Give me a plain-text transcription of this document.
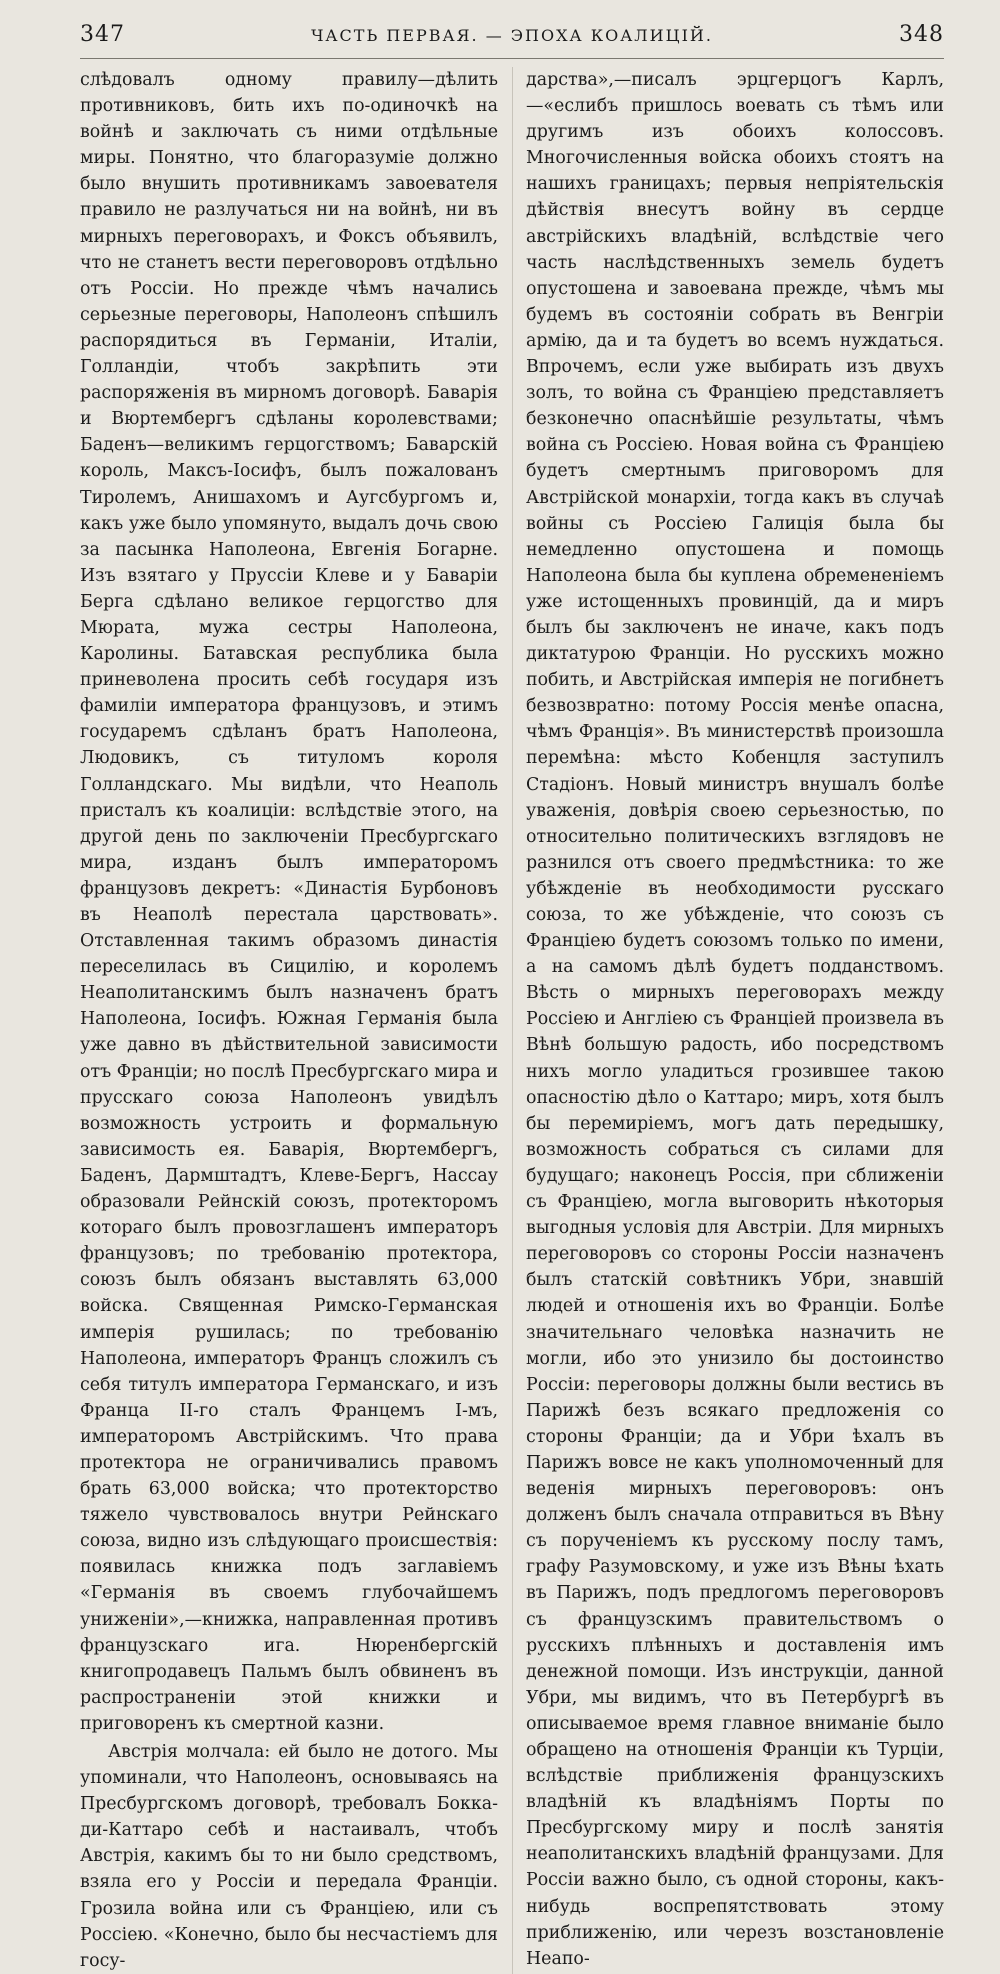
347	ЧАСТЬ ПЕРВАЯ. — ЭПОХА КОАЛИЦІЙ.	348

слѣдовалъ одному правилу—дѣлить противниковъ, бить ихъ по-одиночкѣ на войнѣ и заключать съ ними отдѣльные миры. Понятно, что благоразуміе должно было внушить противникамъ завоевателя правило не разлучаться ни на войнѣ, ни въ мирныхъ переговорахъ, и Фоксъ объявилъ, что не станетъ вести переговоровъ отдѣльно отъ Россіи. Но прежде чѣмъ начались серьезные переговоры, Наполеонъ спѣшилъ распорядиться въ Германіи, Италіи, Голландіи, чтобъ закрѣпить эти распоряженія въ мирномъ договорѣ. Баварія и Вюртембергъ сдѣланы королевствами; Баденъ—великимъ герцогствомъ; Баварскій король, Максъ-Іосифъ, былъ пожалованъ Тиролемъ, Анишахомъ и Аугсбургомъ и, какъ уже было упомянуто, выдалъ дочь свою за пасынка Наполеона, Евгенія Богарне. Изъ взятаго у Пруссіи Клеве и у Баваріи Берга сдѣлано великое герцогство для Мюрата, мужа сестры Наполеона, Каролины. Батавская республика была приневолена просить себѣ государя изъ фамиліи императора французовъ, и этимъ государемъ сдѣланъ братъ Наполеона, Людовикъ, съ титуломъ короля Голландскаго. Мы видѣли, что Неаполь присталъ къ коалиціи: вслѣдствіе этого, на другой день по заключеніи Пресбургскаго мира, изданъ былъ императоромъ французовъ декретъ: «Династія Бурбоновъ въ Неаполѣ перестала царствовать». Отставленная такимъ образомъ династія переселилась въ Сицилію, и королемъ Неаполитанскимъ былъ назначенъ братъ Наполеона, Іосифъ. Южная Германія была уже давно въ дѣйствительной зависимости отъ Франціи; но послѣ Пресбургскаго мира и прусскаго союза Наполеонъ увидѣлъ возможность устроить и формальную зависимость ея. Баварія, Вюртембергъ, Баденъ, Дармштадтъ, Клеве-Бергъ, Нассау образовали Рейнскій союзъ, протекторомъ котораго былъ провозглашенъ императоръ французовъ; по требованію протектора, союзъ былъ обязанъ выставлять 63,000 войска. Священная Римско-Германская имперія рушилась; по требованію Наполеона, императоръ Францъ сложилъ съ себя титулъ императора Германскаго, и изъ Франца II-го сталъ Францемъ I-мъ, императоромъ Австрійскимъ. Что права протектора не ограничивались правомъ брать 63,000 войска; что протекторство тяжело чувствовалось внутри Рейнскаго союза, видно изъ слѣдующаго происшествія: появилась книжка подъ заглавіемъ «Германія въ своемъ глубочайшемъ униженіи»,—книжка, направленная противъ французскаго ига. Нюренбергскій книгопродавецъ Пальмъ былъ обвиненъ въ распространеніи этой книжки и приговоренъ къ смертной казни.

Австрія молчала: ей было не дотого. Мы упоминали, что Наполеонъ, основываясь на Пресбургскомъ договорѣ, требовалъ Бокка-ди-Каттаро себѣ и настаивалъ, чтобъ Австрія, какимъ бы то ни было средствомъ, взяла его у Россіи и передала Франціи. Грозила война или съ Франціею, или съ Россіею. «Конечно, было бы несчастіемъ для госу-

дарства»,—писалъ эрцгерцогъ Карлъ,—«еслибъ пришлось воевать съ тѣмъ или другимъ изъ обоихъ колоссовъ. Многочисленныя войска обоихъ стоятъ на нашихъ границахъ; первыя непріятельскія дѣйствія внесутъ войну въ сердце австрійскихъ владѣній, вслѣдствіе чего часть наслѣдственныхъ земель будетъ опустошена и завоевана прежде, чѣмъ мы будемъ въ состояніи собрать въ Венгріи армію, да и та будетъ во всемъ нуждаться. Впрочемъ, если уже выбирать изъ двухъ золъ, то война съ Франціею представляетъ безконечно опаснѣйшіе результаты, чѣмъ война съ Россіею. Новая война съ Франціею будетъ смертнымъ приговоромъ для Австрійской монархіи, тогда какъ въ случаѣ войны съ Россіею Галиція была бы немедленно опустошена и помощь Наполеона была бы куплена обремененіемъ уже истощенныхъ провинцій, да и миръ былъ бы заключенъ не иначе, какъ подъ диктатурою Франціи. Но русскихъ можно побить, и Австрійская имперія не погибнетъ безвозвратно: потому Россія менѣе опасна, чѣмъ Франція». Въ министерствѣ произошла перемѣна: мѣсто Кобенцля заступилъ Стадіонъ. Новый министръ внушалъ болѣе уваженія, довѣрія своею серьезностью, по относительно политическихъ взглядовъ не разнился отъ своего предмѣстника: то же убѣжденіе въ необходимости русскаго союза, то же убѣжденіе, что союзъ съ Франціею будетъ союзомъ только по имени, а на самомъ дѣлѣ будетъ подданствомъ. Вѣсть о мирныхъ переговорахъ между Россіею и Англіею съ Франціей произвела въ Вѣнѣ большую радость, ибо посредствомъ нихъ могло уладиться грозившее такою опасностію дѣло о Каттаро; миръ, хотя былъ бы перемиріемъ, могъ дать передышку, возможность собраться съ силами для будущаго; наконецъ Россія, при сближеніи съ Франціею, могла выговорить нѣкоторыя выгодныя условія для Австріи. Для мирныхъ переговоровъ со стороны Россіи назначенъ былъ статскій совѣтникъ Убри, знавшій людей и отношенія ихъ во Франціи. Болѣе значительнаго человѣка назначить не могли, ибо это унизило бы достоинство Россіи: переговоры должны были вестись въ Парижѣ безъ всякаго предложенія со стороны Франціи; да и Убри ѣхалъ въ Парижъ вовсе не какъ уполномоченный для веденія мирныхъ переговоровъ: онъ долженъ былъ сначала отправиться въ Вѣну съ порученіемъ къ русскому послу тамъ, графу Разумовскому, и уже изъ Вѣны ѣхать въ Парижъ, подъ предлогомъ переговоровъ съ французскимъ правительствомъ о русскихъ плѣнныхъ и доставленія имъ денежной помощи. Изъ инструкціи, данной Убри, мы видимъ, что въ Петербургѣ въ описываемое время главное вниманіе было обращено на отношенія Франціи къ Турціи, вслѣдствіе приближенія французскихъ владѣній къ владѣніямъ Порты по Пресбургскому миру и послѣ занятія неаполитанскихъ владѣній французами. Для Россіи важно было, съ одной стороны, какъ-нибудь воспрепятствовать этому приближенію, или черезъ возстановленіе Неапо-
